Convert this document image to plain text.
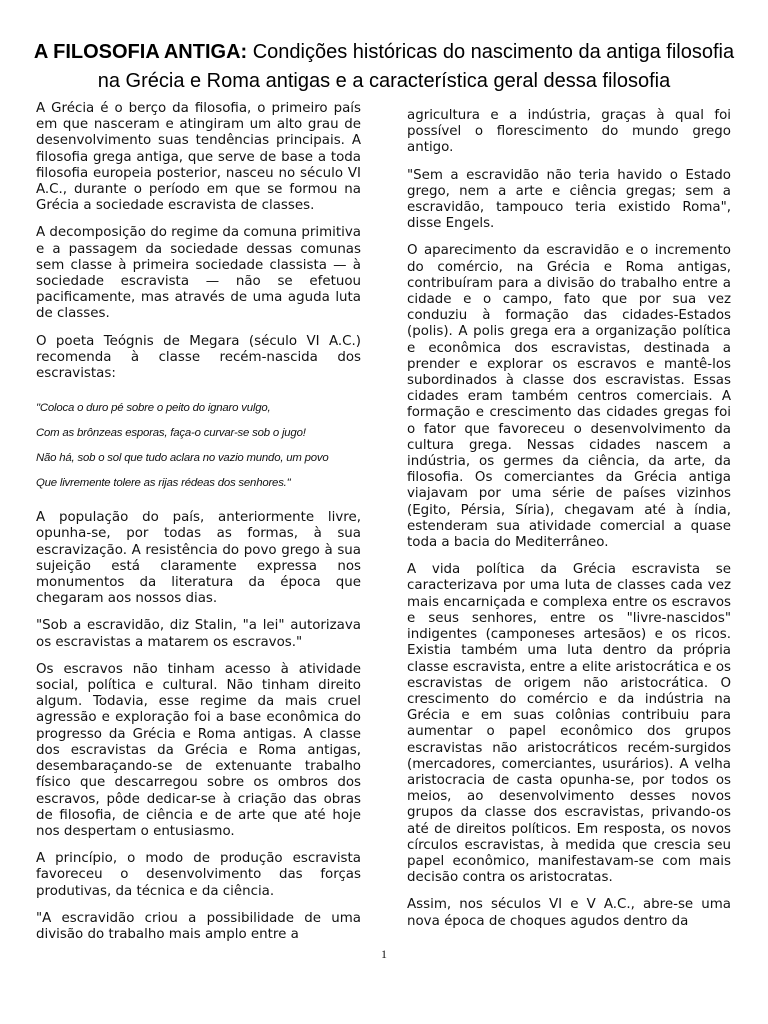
A FILOSOFIA ANTIGA: Condições históricas do nascimento da antiga filosofia na Grécia e Roma antigas e a característica geral dessa filosofia

A Grécia é o berço da filosofia, o primeiro país em que nasceram e atingiram um alto grau de desenvolvimento suas tendências principais. A filosofia grega antiga, que serve de base a toda filosofia europeia posterior, nasceu no século VI A.C., durante o período em que se formou na Grécia a sociedade escravista de classes.

A decomposição do regime da comuna primitiva e a passagem da sociedade dessas comunas sem classe à primeira sociedade classista — à sociedade escravista — não se efetuou pacificamente, mas através de uma aguda luta de classes.

O poeta Teógnis de Megara (século VI A.C.) recomenda à classe recém-nascida dos escravistas:

"Coloca o duro pé sobre o peito do ignaro vulgo,
Com as brônzeas esporas, faça-o curvar-se sob o jugo!
Não há, sob o sol que tudo aclara no vazio mundo, um povo
Que livremente tolere as rijas rédeas dos senhores."

A população do país, anteriormente livre, opunha-se, por todas as formas, à sua escravização. A resistência do povo grego à sua sujeição está claramente expressa nos monumentos da literatura da época que chegaram aos nossos dias.

"Sob a escravidão, diz Stalin, "a lei" autorizava os escravistas a matarem os escravos."

Os escravos não tinham acesso à atividade social, política e cultural. Não tinham direito algum. Todavia, esse regime da mais cruel agressão e exploração foi a base econômica do progresso da Grécia e Roma antigas. A classe dos escravistas da Grécia e Roma antigas, desembaraçando-se de extenuante trabalho físico que descarregou sobre os ombros dos escravos, pôde dedicar-se à criação das obras de filosofia, de ciência e de arte que até hoje nos despertam o entusiasmo.

A princípio, o modo de produção escravista favoreceu o desenvolvimento das forças produtivas, da técnica e da ciência.

"A escravidão criou a possibilidade de uma divisão do trabalho mais amplo entre a

agricultura e a indústria, graças à qual foi possível o florescimento do mundo grego antigo.

"Sem a escravidão não teria havido o Estado grego, nem a arte e ciência gregas; sem a escravidão, tampouco teria existido Roma", disse Engels.

O aparecimento da escravidão e o incremento do comércio, na Grécia e Roma antigas, contribuíram para a divisão do trabalho entre a cidade e o campo, fato que por sua vez conduziu à formação das cidades-Estados (polis). A polis grega era a organização política e econômica dos escravistas, destinada a prender e explorar os escravos e mantê-los subordinados à classe dos escravistas. Essas cidades eram também centros comerciais. A formação e crescimento das cidades gregas foi o fator que favoreceu o desenvolvimento da cultura grega. Nessas cidades nascem a indústria, os germes da ciência, da arte, da filosofia. Os comerciantes da Grécia antiga viajavam por uma série de países vizinhos (Egito, Pérsia, Síria), chegavam até à índia, estenderam sua atividade comercial a quase toda a bacia do Mediterrâneo.

A vida política da Grécia escravista se caracterizava por uma luta de classes cada vez mais encarniçada e complexa entre os escravos e seus senhores, entre os "livre-nascidos" indigentes (camponeses artesãos) e os ricos. Existia também uma luta dentro da própria classe escravista, entre a elite aristocrática e os escravistas de origem não aristocrática. O crescimento do comércio e da indústria na Grécia e em suas colônias contribuiu para aumentar o papel econômico dos grupos escravistas não aristocráticos recém-surgidos (mercadores, comerciantes, usurários). A velha aristocracia de casta opunha-se, por todos os meios, ao desenvolvimento desses novos grupos da classe dos escravistas, privando-os até de direitos políticos. Em resposta, os novos círculos escravistas, à medida que crescia seu papel econômico, manifestavam-se com mais decisão contra os aristocratas.

Assim, nos séculos VI e V A.C., abre-se uma nova época de choques agudos dentro da

1
